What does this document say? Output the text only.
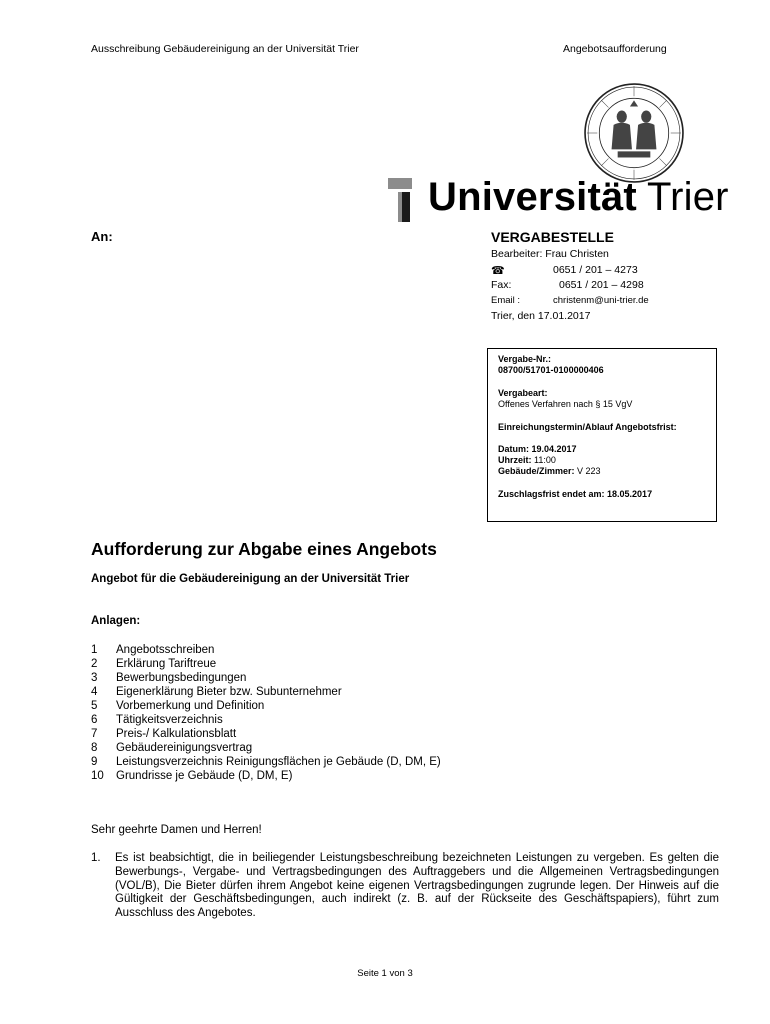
Ausschreibung Gebäudereinigung an der Universität Trier	Angebotsaufforderung
Universität Trier
An:	VERGABESTELLE
Bearbeiter: Frau Christen
☎	0651 / 201 – 4273
Fax:	0651 / 201 – 4298
Email :	christenm@uni-trier.de
Trier, den 17.01.2017
Vergabe-Nr.:
08700/51701-0100000406
Vergabeart:
Offenes Verfahren nach § 15 VgV
Einreichungstermin/Ablauf Angebotsfrist:
Datum: 19.04.2017
Uhrzeit: 11:00
Gebäude/Zimmer: V 223
Zuschlagsfrist endet am: 18.05.2017
Aufforderung zur Abgabe eines Angebots
Angebot für die Gebäudereinigung an der Universität Trier
Anlagen:
1	Angebotsschreiben
2	Erklärung Tariftreue
3	Bewerbungsbedingungen
4	Eigenerklärung Bieter bzw. Subunternehmer
5	Vorbemerkung und Definition
6	Tätigkeitsverzeichnis
7	Preis-/ Kalkulationsblatt
8	Gebäudereinigungsvertrag
9	Leistungsverzeichnis Reinigungsflächen je Gebäude (D, DM, E)
10	Grundrisse je Gebäude (D, DM, E)
Sehr geehrte Damen und Herren!
1. Es ist beabsichtigt, die in beiliegender Leistungsbeschreibung bezeichneten Leistungen zu vergeben. Es gelten die Bewerbungs-, Vergabe- und Vertragsbedingungen des Auftraggebers und die Allgemeinen Vertragsbedingungen (VOL/B), Die Bieter dürfen ihrem Angebot keine eigenen Vertragsbedingungen zugrunde legen. Der Hinweis auf die Gültigkeit der Geschäftsbedingungen, auch indirekt (z. B. auf der Rückseite des Geschäftspapiers), führt zum Ausschluss des Angebotes.
Seite 1 von 3
